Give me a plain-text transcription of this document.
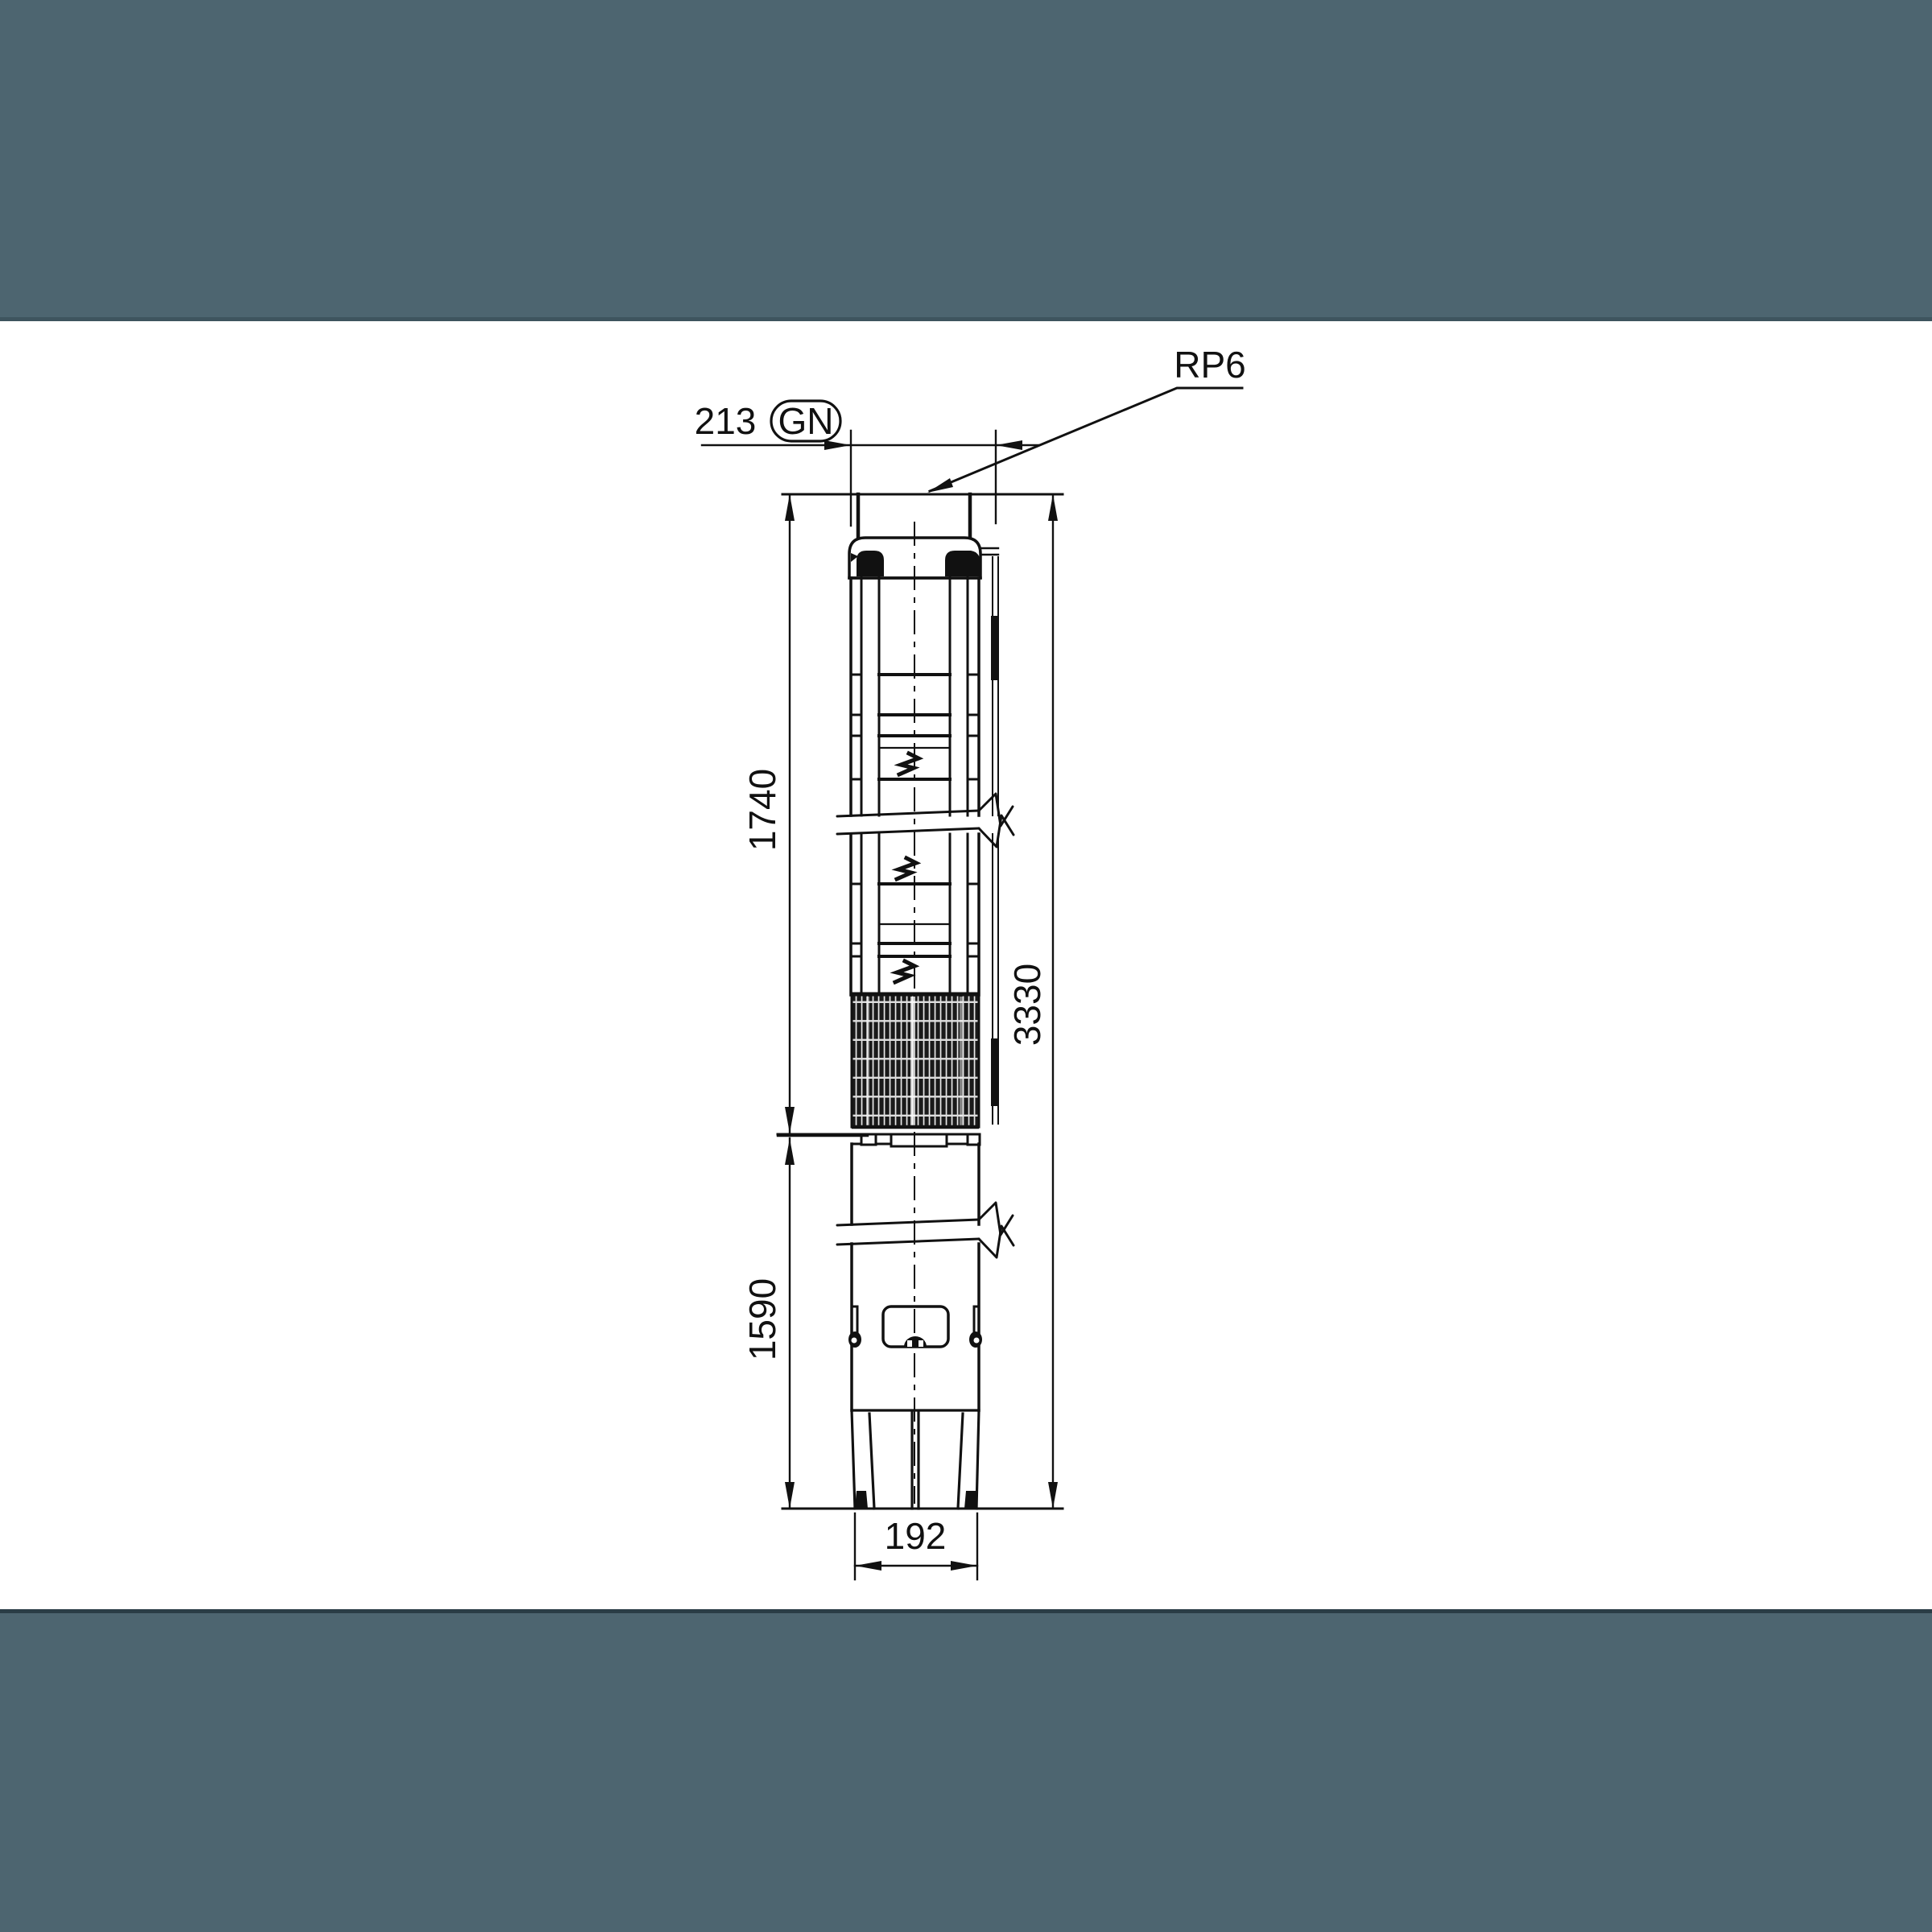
RP6
213 GN
1740
1590
3330
192
